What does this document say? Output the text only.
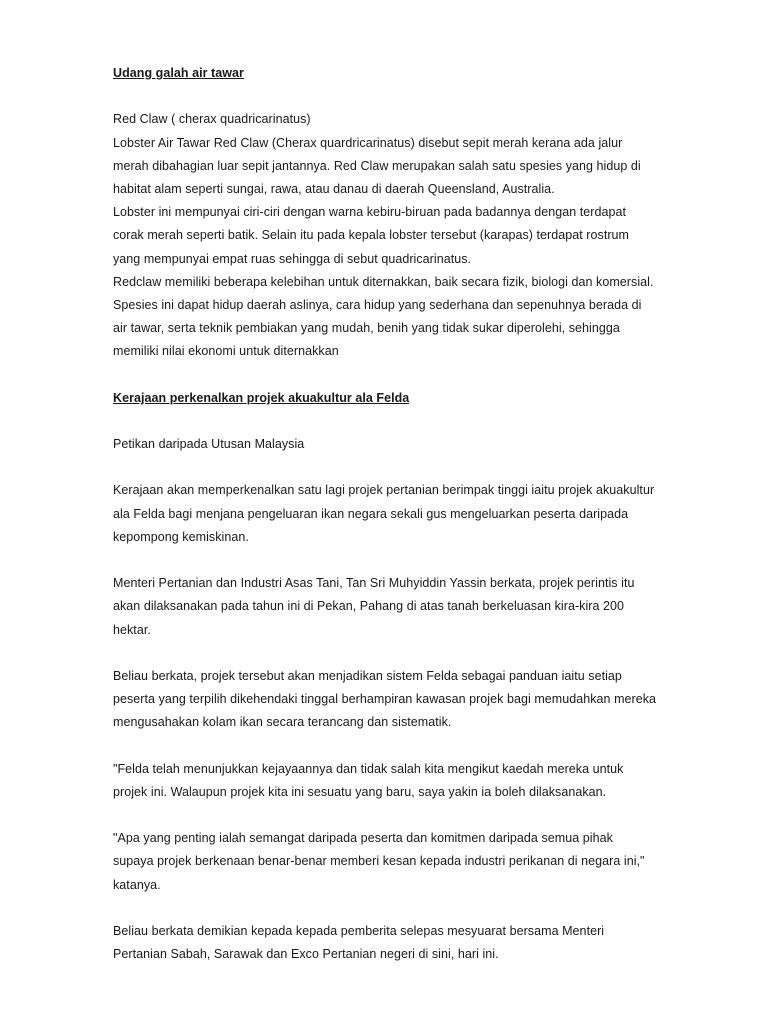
Udang galah air tawar
Red Claw ( cherax quadricarinatus)
Lobster Air Tawar Red Claw (Cherax quardricarinatus) disebut sepit merah kerana ada jalur
merah dibahagian luar sepit jantannya. Red Claw merupakan salah satu spesies yang hidup di
habitat alam seperti sungai, rawa, atau danau di daerah Queensland, Australia.
Lobster ini mempunyai ciri-ciri dengan warna kebiru-biruan pada badannya dengan terdapat
corak merah seperti batik. Selain itu pada kepala lobster tersebut (karapas) terdapat rostrum
yang mempunyai empat ruas sehingga di sebut quadricarinatus.
Redclaw memiliki beberapa kelebihan untuk diternakkan, baik secara fizik, biologi dan komersial.
Spesies ini dapat hidup daerah aslinya, cara hidup yang sederhana dan sepenuhnya berada di
air tawar, serta teknik pembiakan yang mudah, benih yang tidak sukar diperolehi, sehingga
memiliki nilai ekonomi untuk diternakkan
Kerajaan perkenalkan projek akuakultur ala Felda
Petikan daripada Utusan Malaysia
Kerajaan akan memperkenalkan satu lagi projek pertanian berimpak tinggi iaitu projek akuakultur
ala Felda bagi menjana pengeluaran ikan negara sekali gus mengeluarkan peserta daripada
kepompong kemiskinan.
Menteri Pertanian dan Industri Asas Tani, Tan Sri Muhyiddin Yassin berkata, projek perintis itu
akan dilaksanakan pada tahun ini di Pekan, Pahang di atas tanah berkeluasan kira-kira 200
hektar.
Beliau berkata, projek tersebut akan menjadikan sistem Felda sebagai panduan iaitu setiap
peserta yang terpilih dikehendaki tinggal berhampiran kawasan projek bagi memudahkan mereka
mengusahakan kolam ikan secara terancang dan sistematik.
"Felda telah menunjukkan kejayaannya dan tidak salah kita mengikut kaedah mereka untuk
projek ini. Walaupun projek kita ini sesuatu yang baru, saya yakin ia boleh dilaksanakan.
"Apa yang penting ialah semangat daripada peserta dan komitmen daripada semua pihak
supaya projek berkenaan benar-benar memberi kesan kepada industri perikanan di negara ini,"
katanya.
Beliau berkata demikian kepada kepada pemberita selepas mesyuarat bersama Menteri
Pertanian Sabah, Sarawak dan Exco Pertanian negeri di sini, hari ini.
